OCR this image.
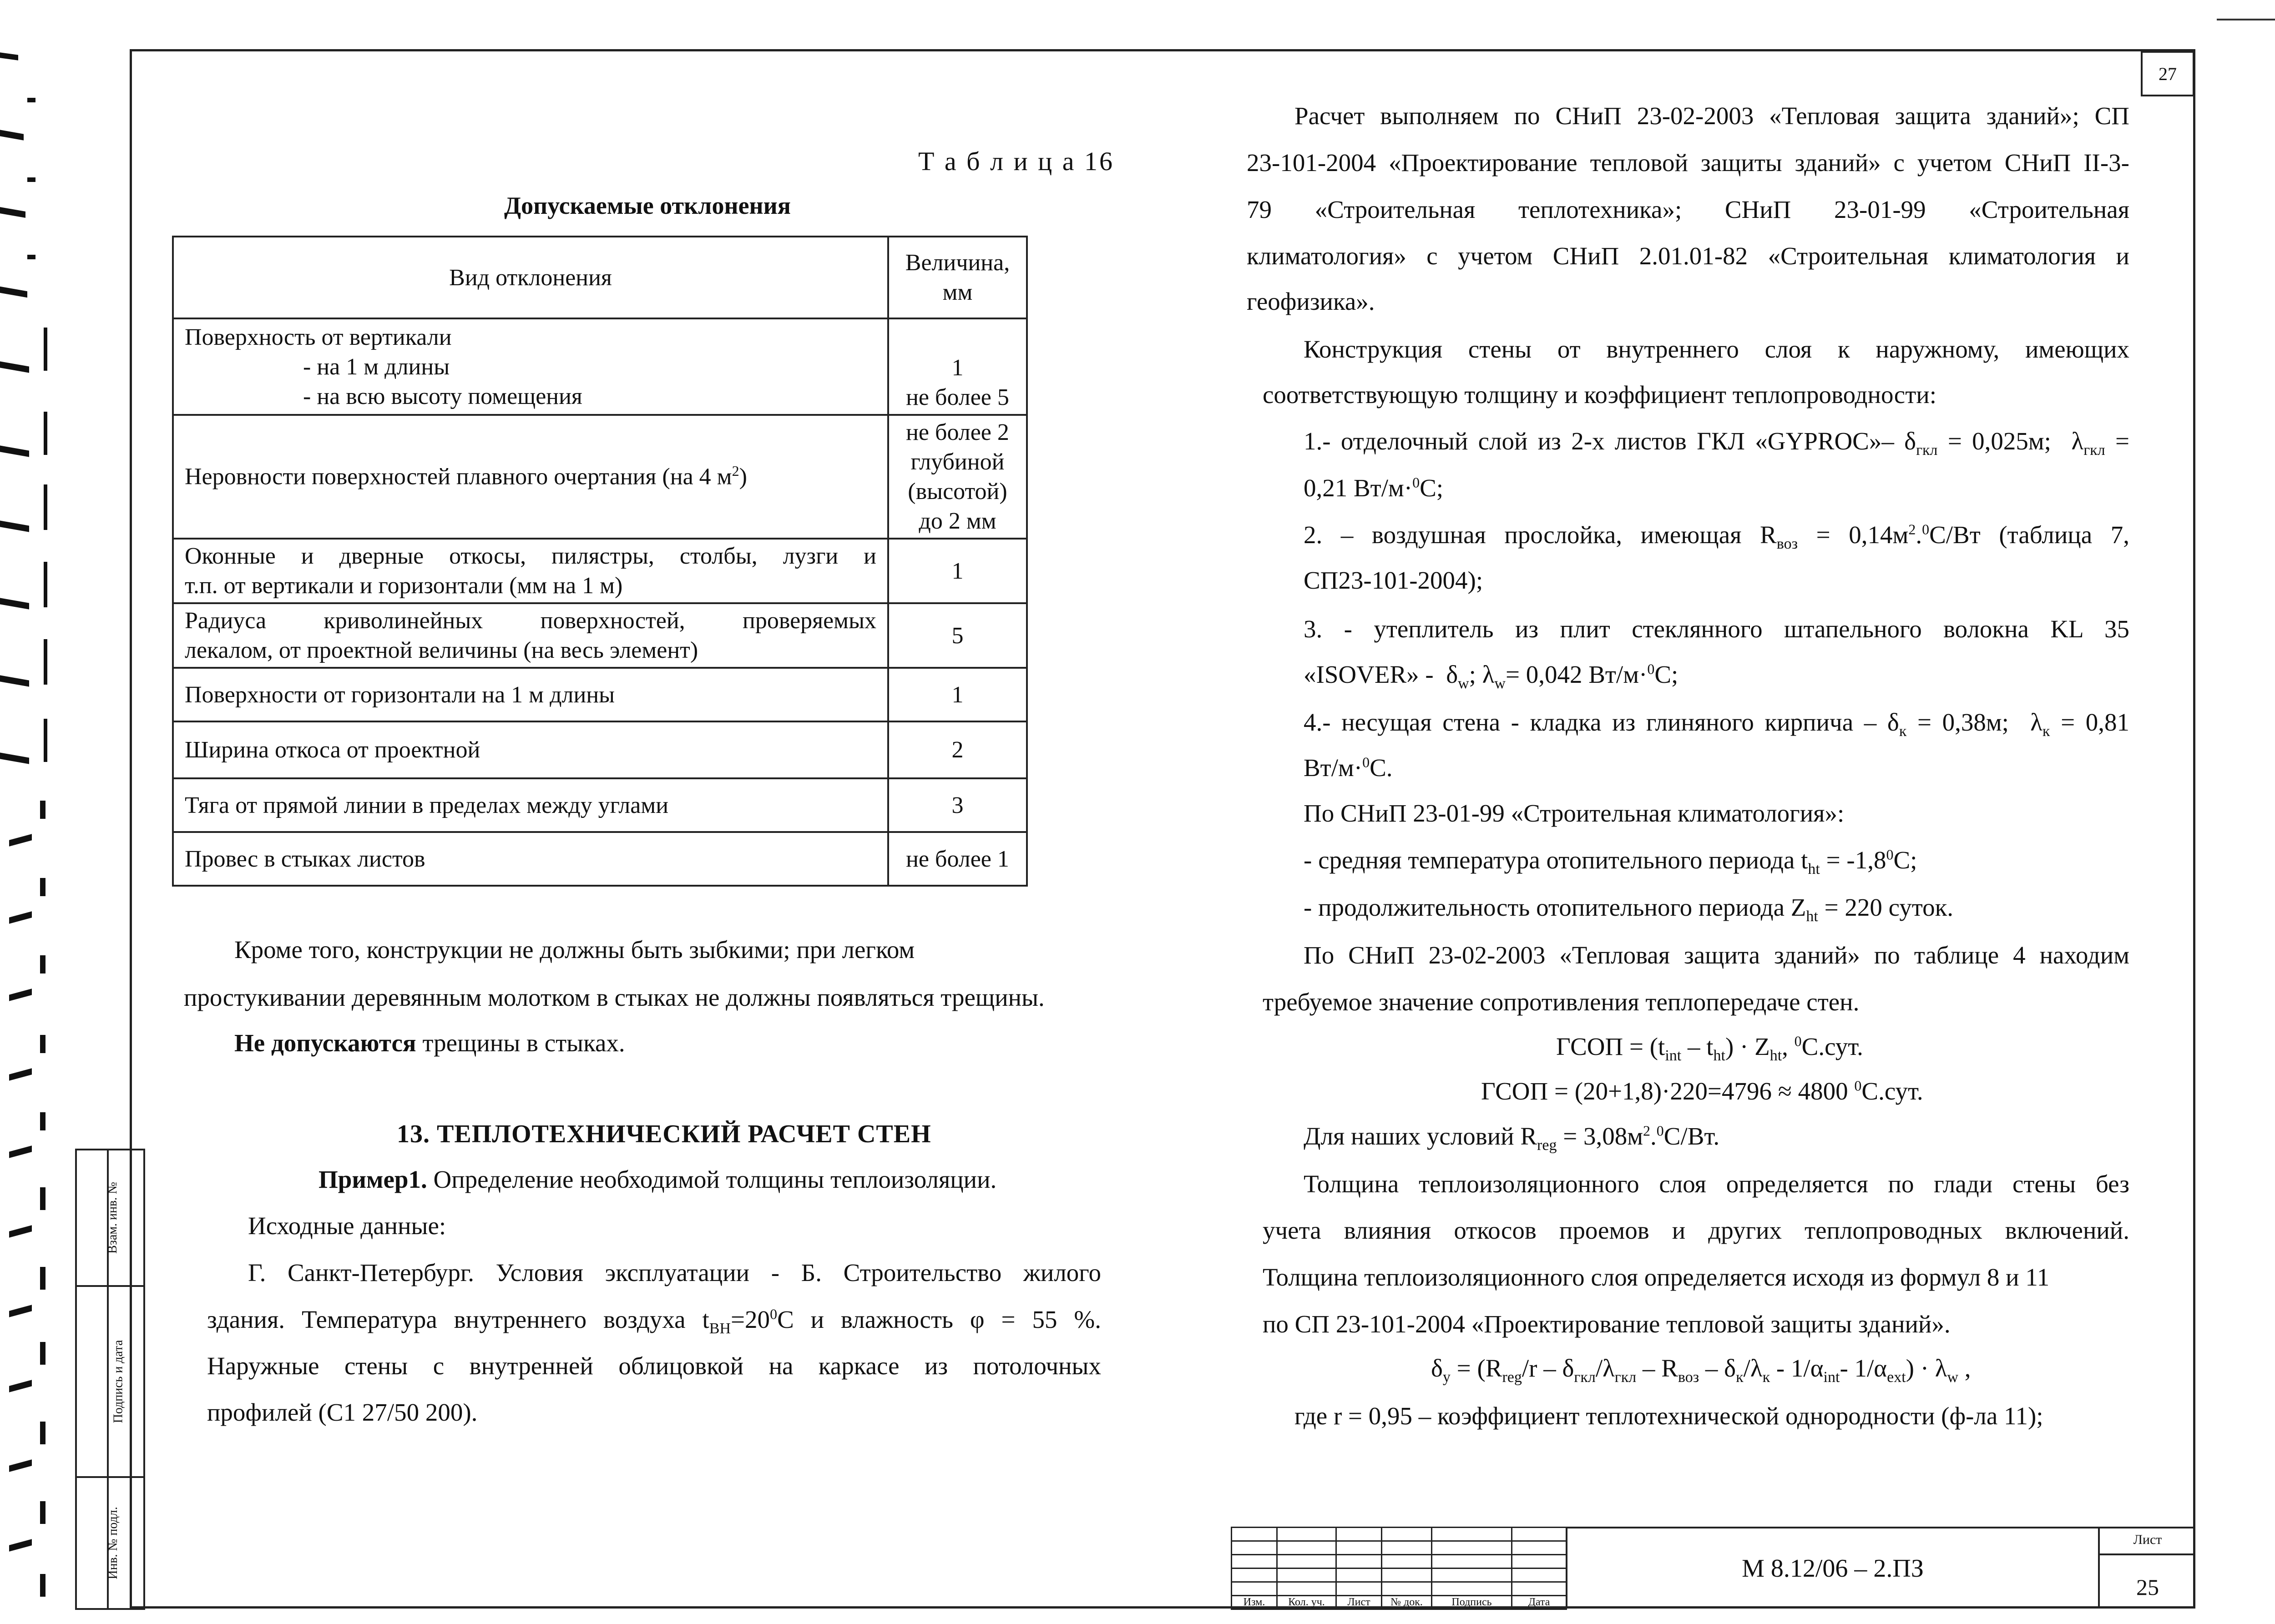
27
Т а б л и ц а 16
Допускаемые отклонения
Вид отклонения	Величина, мм

Поверхность от вертикали
- на 1 м длины
- на всю высоту помещения	1
не более 5

Неровности поверхностей плавного очертания (на 4 $м^2$)	не более 2
глубиной
(высотой)
до 2 мм

Оконные и дверные откосы, пилястры, столбы, лузги и
т.п. от вертикали и горизонтали (мм на 1 м)	1

Радиуса криволинейных поверхностей, проверяемых
лекалом, от проектной величины (на весь элемент)	5
Поверхности от горизонтали на 1 м длины	1
Ширина откоса от проектной	2
Тяга от прямой линии в пределах между углами	3
Провес в стыках листов	не более 1
Кроме того, конструкции не должны быть зыбкими; при легком
простукивании деревянным молотком в стыках не должны появляться трещины.
Не допускаются трещины в стыках.
13. ТЕПЛОТЕХНИЧЕСКИЙ РАСЧЕТ СТЕН
Пример1. Определение необходимой толщины теплоизоляции.
Исходные данные:
Г. Санкт-Петербург. Условия эксплуатации - Б. Строительство жилого
здания. Температура внутреннего воздуха $t_{ВН}=20^0С$ и влажность φ = 55 %.
Наружные стены с внутренней облицовкой на каркасе из потолочных
профилей (С1 27/50 200).
Расчет выполняем по СНиП 23-02-2003 «Тепловая защита зданий»; СП
23-101-2004 «Проектирование тепловой защиты зданий» с учетом СНиП II-3-
79 «Строительная теплотехника»; СНиП 23-01-99 «Строительная
климатология» с учетом СНиП 2.01.01-82 «Строительная климатология и
геофизика».
Конструкция стены от внутреннего слоя к наружному, имеющих
соответствующую толщину и коэффициент теплопроводности:
1.- отделочный слой из 2-х листов ГКЛ «GYPROC»– $\delta_{гкл} = 0,025м$;  $\lambda_{гкл}$ =
0,21 Вт/м·$^0$С;
2. – воздушная прослойка, имеющая $R_{воз} = 0,14м^2.^0С/Вт$ (таблица 7,
СП23-101-2004);
3. - утеплитель из плит стеклянного штапельного волокна KL 35
«ISOVER» -  $\delta_w$; $\lambda_w= 0,042$ Вт/м·$^0$С;
4.- несущая стена - кладка из глиняного кирпича – $\delta_к = 0,38м$;  $\lambda_к = 0,81$
Вт/м·$^0$С.
По СНиП 23-01-99 «Строительная климатология»:
- средняя температура отопительного периода $t_{ht} = -1,8^0С$;
- продолжительность отопительного периода $Z_{ht} = 220$ суток.
По СНиП 23-02-2003 «Тепловая защита зданий» по таблице 4 находим
требуемое значение сопротивления теплопередаче стен.
ГСОП = $(t_{int} - t_{ht}) \cdot Z_{ht}$, $^0$С.сут.
ГСОП = (20+1,8)·220=4796 ≈ 4800 $^0$С.сут.
Для наших условий $R_{reg} = 3,08м^2.^0С/Вт$.
Толщина теплоизоляционного слоя определяется по глади стены без
учета влияния откосов проемов и других теплопроводных включений.
Толщина теплоизоляционного слоя определяется исходя из формул 8 и 11
по СП 23-101-2004 «Проектирование тепловой защиты зданий».
$\delta_у = (R_{reg}/r - \delta_{гкл}/\lambda_{гкл} - R_{воз} - \delta_к/\lambda_к - 1/\alpha_{int}-$ $1/\alpha_{ext}) \cdot \lambda_w$ ,
где r = 0,95 – коэффициент теплотехнической однородности (ф-ла 11);
Взам. инв. №	
Подпись и дата	
Инв. № подл.	

Изм.	Кол. уч.	Лист	№ док.	Подпись	Дата
М 8.12/06 – 2.ПЗ
Лист
25
